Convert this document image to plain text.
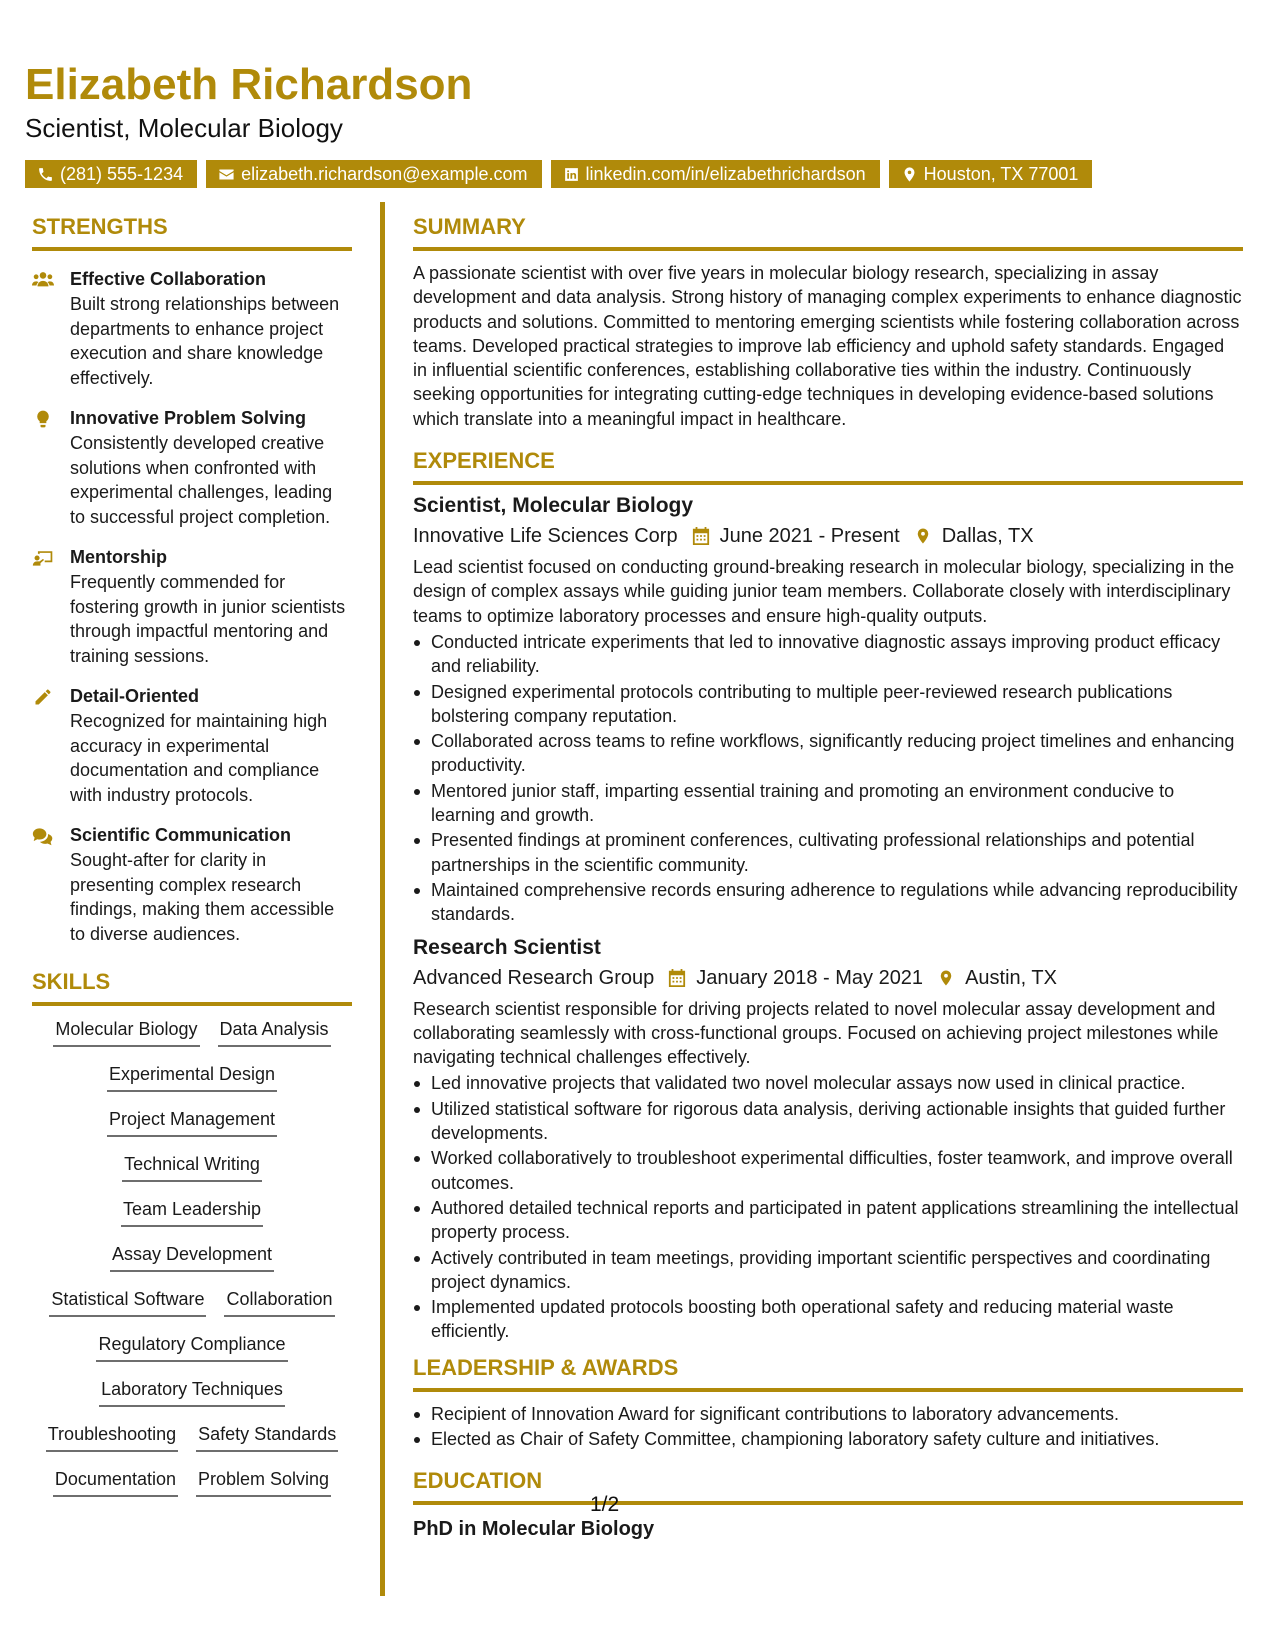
Elizabeth Richardson
Scientist, Molecular Biology
(281) 555-1234	elizabeth.richardson@example.com	linkedin.com/in/elizabethrichardson	Houston, TX 77001
STRENGTHS
Effective Collaboration
Built strong relationships between departments to enhance project execution and share knowledge effectively.
Innovative Problem Solving
Consistently developed creative solutions when confronted with experimental challenges, leading to successful project completion.
Mentorship
Frequently commended for fostering growth in junior scientists through impactful mentoring and training sessions.
Detail-Oriented
Recognized for maintaining high accuracy in experimental documentation and compliance with industry protocols.
Scientific Communication
Sought-after for clarity in presenting complex research findings, making them accessible to diverse audiences.
SKILLS
Molecular Biology Data Analysis
Experimental Design
Project Management
Technical Writing
Team Leadership
Assay Development
Statistical Software Collaboration
Regulatory Compliance
Laboratory Techniques
Troubleshooting Safety Standards
Documentation Problem Solving
SUMMARY
A passionate scientist with over five years in molecular biology research, specializing in assay development and data analysis. Strong history of managing complex experiments to enhance diagnostic products and solutions. Committed to mentoring emerging scientists while fostering collaboration across teams. Developed practical strategies to improve lab efficiency and uphold safety standards. Engaged in influential scientific conferences, establishing collaborative ties within the industry. Continuously seeking opportunities for integrating cutting-edge techniques in developing evidence-based solutions which translate into a meaningful impact in healthcare.
EXPERIENCE
Scientist, Molecular Biology
Innovative Life Sciences Corp June 2021 - Present Dallas, TX
Lead scientist focused on conducting ground-breaking research in molecular biology, specializing in the design of complex assays while guiding junior team members. Collaborate closely with interdisciplinary teams to optimize laboratory processes and ensure high-quality outputs.
Conducted intricate experiments that led to innovative diagnostic assays improving product efficacy and reliability.
Designed experimental protocols contributing to multiple peer-reviewed research publications bolstering company reputation.
Collaborated across teams to refine workflows, significantly reducing project timelines and enhancing productivity.
Mentored junior staff, imparting essential training and promoting an environment conducive to learning and growth.
Presented findings at prominent conferences, cultivating professional relationships and potential partnerships in the scientific community.
Maintained comprehensive records ensuring adherence to regulations while advancing reproducibility standards.
Research Scientist
Advanced Research Group January 2018 - May 2021 Austin, TX
Research scientist responsible for driving projects related to novel molecular assay development and collaborating seamlessly with cross-functional groups. Focused on achieving project milestones while navigating technical challenges effectively.
Led innovative projects that validated two novel molecular assays now used in clinical practice.
Utilized statistical software for rigorous data analysis, deriving actionable insights that guided further developments.
Worked collaboratively to troubleshoot experimental difficulties, foster teamwork, and improve overall outcomes.
Authored detailed technical reports and participated in patent applications streamlining the intellectual property process.
Actively contributed in team meetings, providing important scientific perspectives and coordinating project dynamics.
Implemented updated protocols boosting both operational safety and reducing material waste efficiently.
LEADERSHIP & AWARDS
Recipient of Innovation Award for significant contributions to laboratory advancements.
Elected as Chair of Safety Committee, championing laboratory safety culture and initiatives.
EDUCATION
PhD in Molecular Biology
1/2
